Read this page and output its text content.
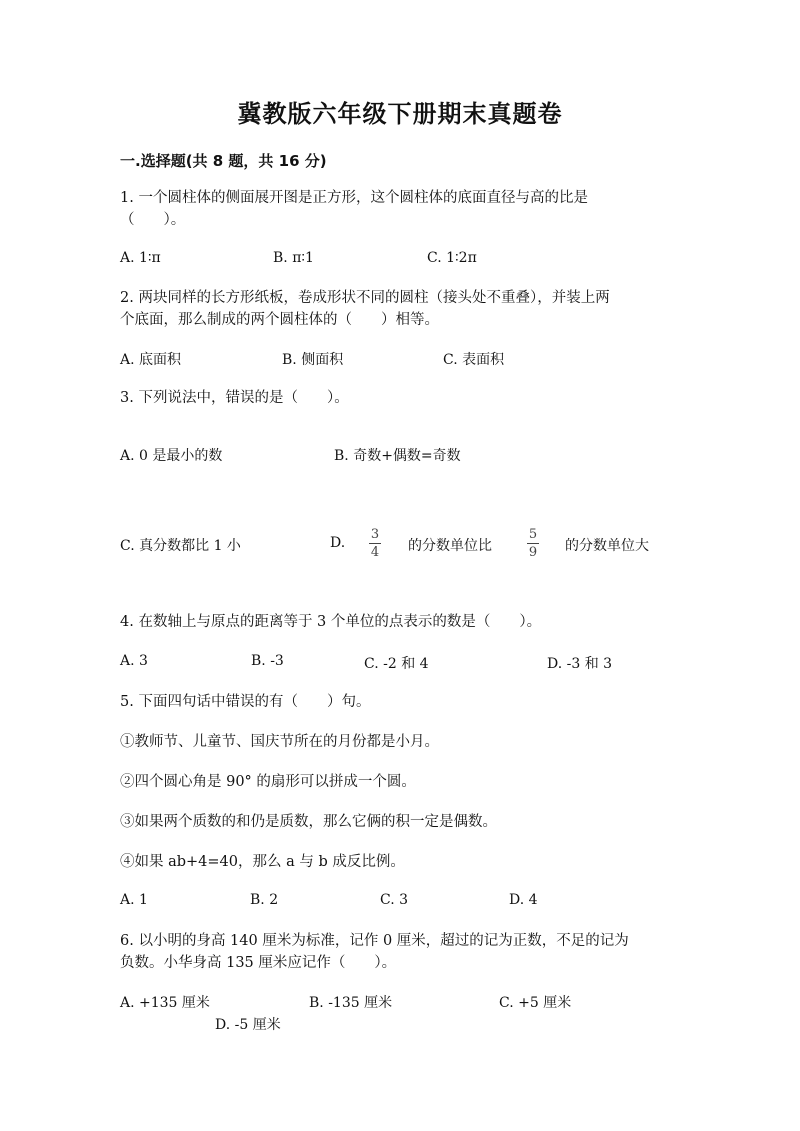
冀教版六年级下册期末真题卷
一.选择题(共 8 题，共 16 分)
1. 一个圆柱体的侧面展开图是正方形，这个圆柱体的底面直径与高的比是
（　　）。
A. 1∶π	B. π∶1	C. 1∶2π
2. 两块同样的长方形纸板，卷成形状不同的圆柱（接头处不重叠），并装上两
个底面，那么制成的两个圆柱体的（　　）相等。
A. 底面积	B. 侧面积	C. 表面积
3. 下列说法中，错误的是（　　）。
A. 0 是最小的数	B. 奇数+偶数=奇数
C. 真分数都比 1 小	D.
3
4 的分数单位比
5
9 的分数单位大
4. 在数轴上与原点的距离等于 3 个单位的点表示的数是（　　）。
A. 3	B. -3	C. -2 和 4	D. -3 和 3
5. 下面四句话中错误的有（　　）句。
①教师节、儿童节、国庆节所在的月份都是小月。
②四个圆心角是 90° 的扇形可以拼成一个圆。
③如果两个质数的和仍是质数，那么它俩的积一定是偶数。
④如果 ab+4=40，那么 a 与 b 成反比例。
A. 1	B. 2	C. 3	D. 4
6. 以小明的身高 140 厘米为标准，记作 0 厘米，超过的记为正数，不足的记为
负数。小华身高 135 厘米应记作（　　）。
A. +135 厘米	B. -135 厘米	C. +5 厘米
D. -5 厘米
